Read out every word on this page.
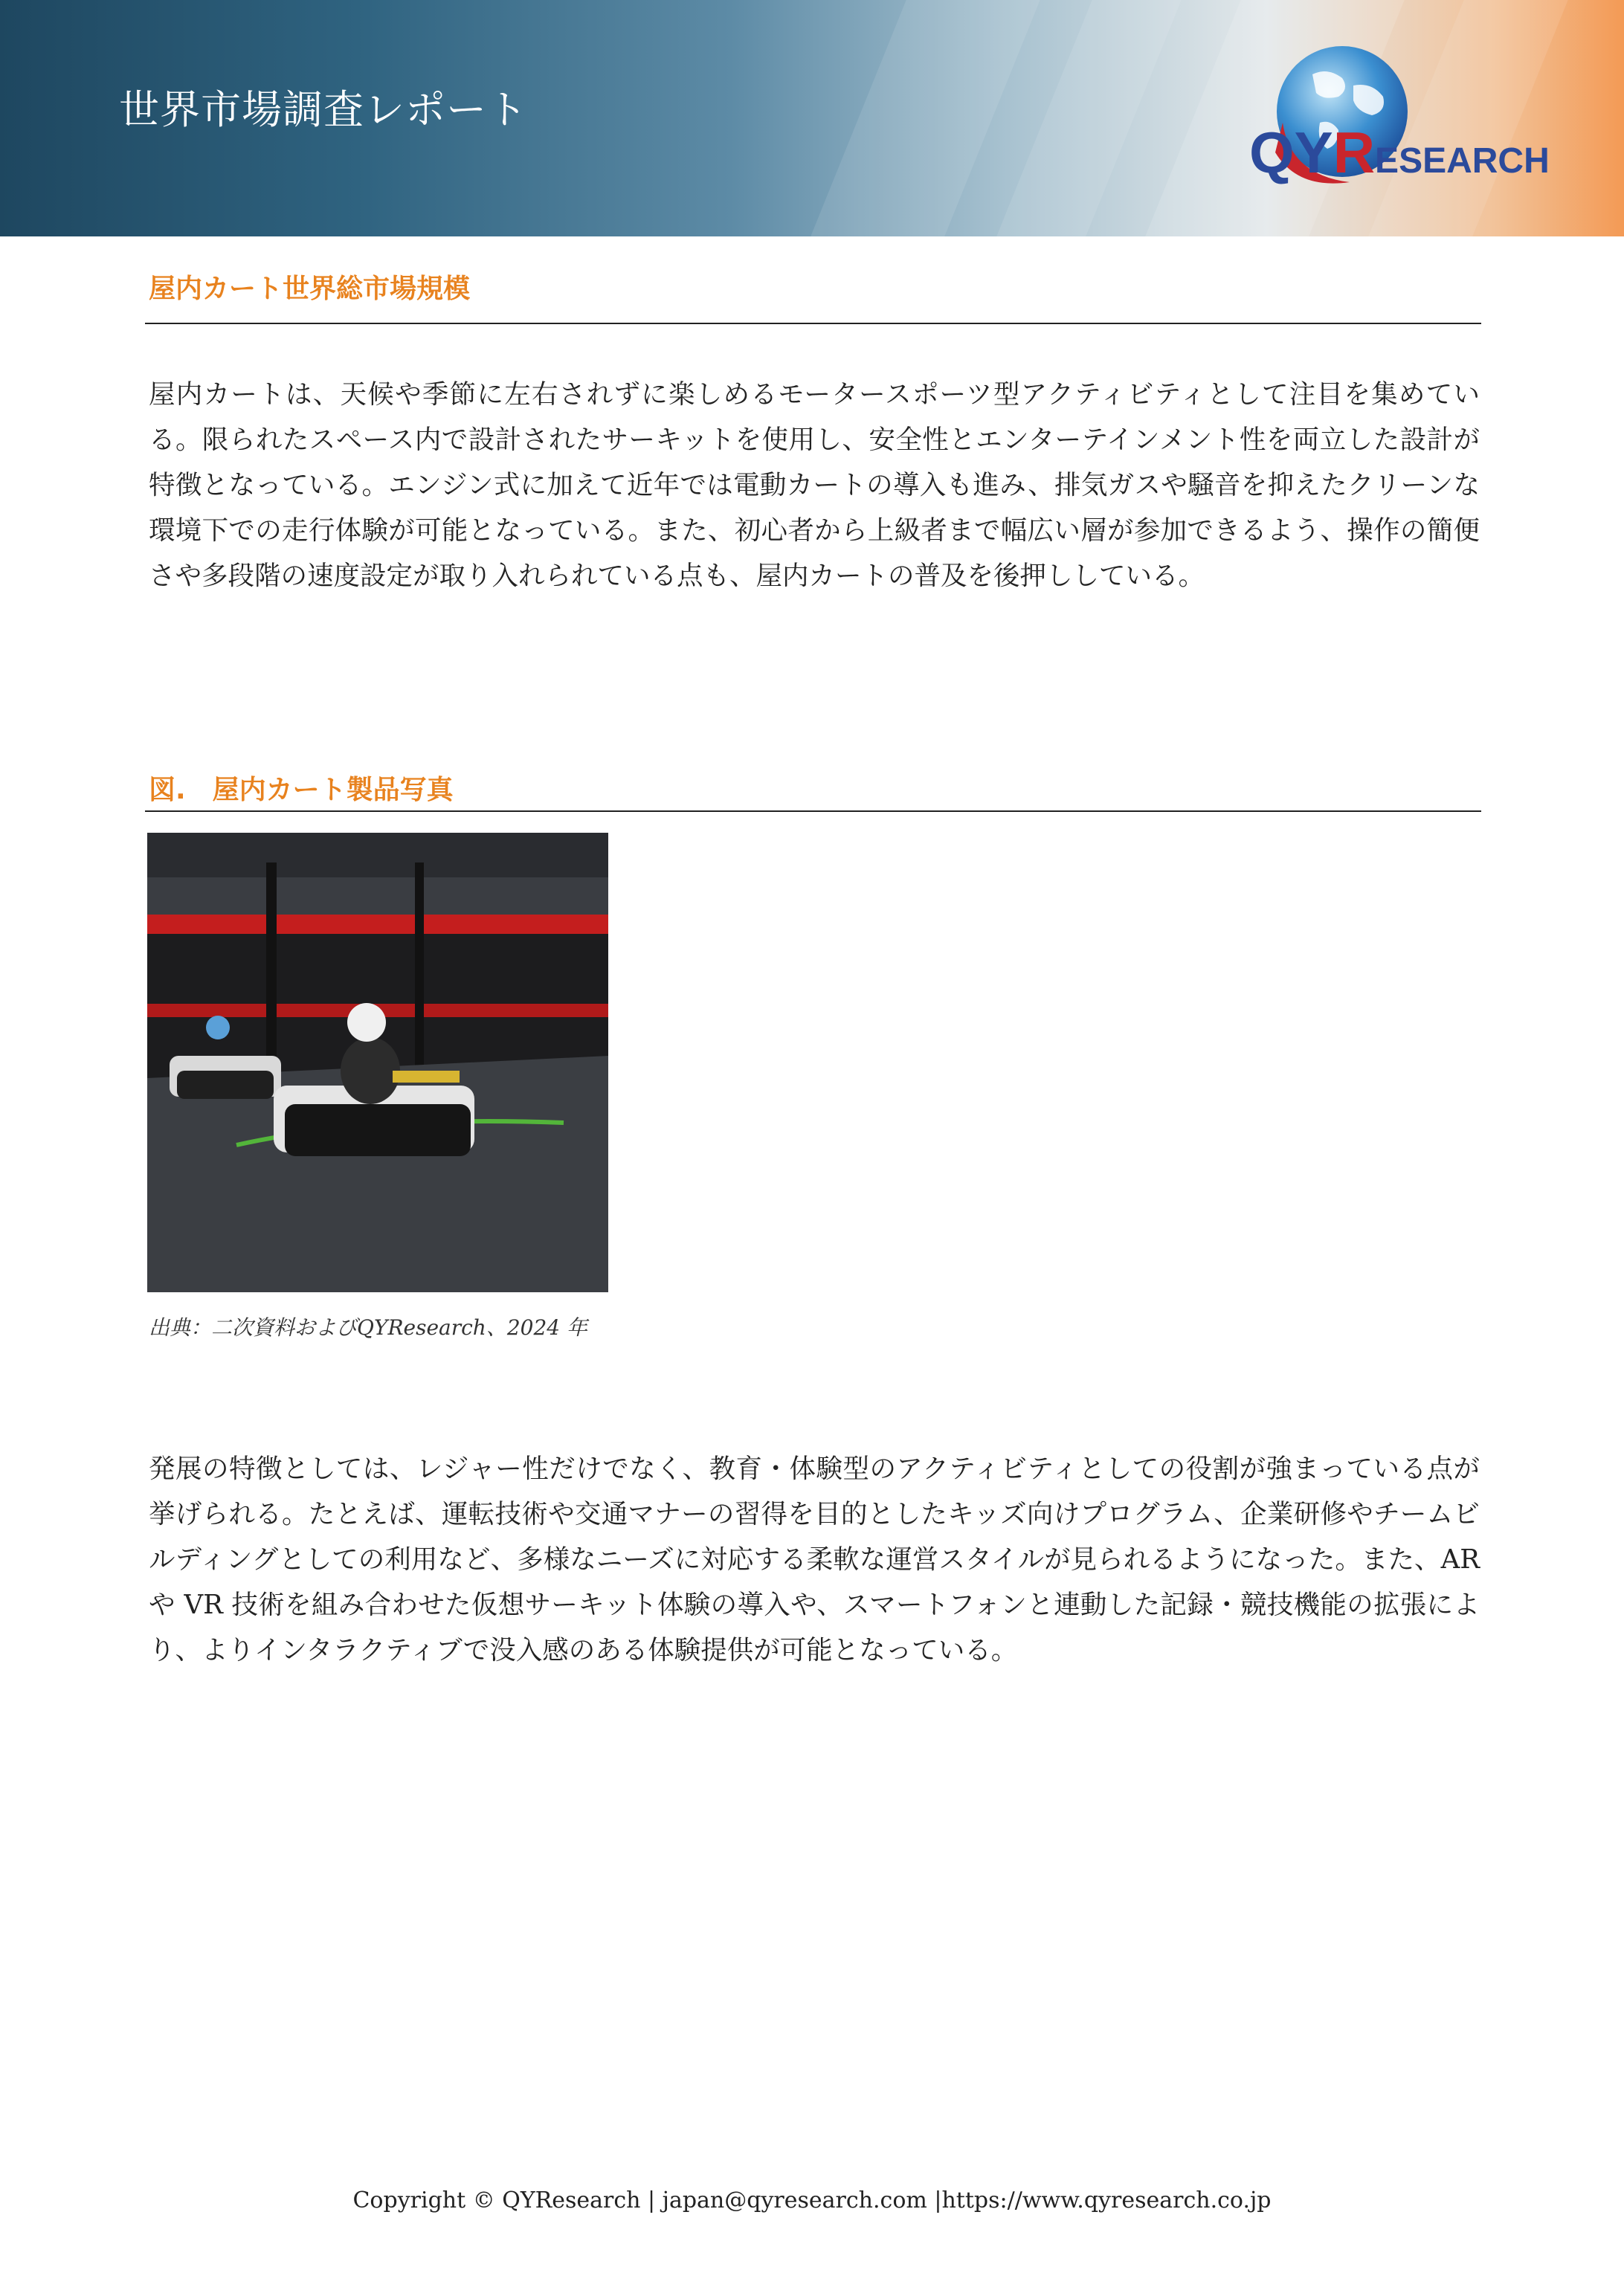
世界市場調査レポート
QYRESEARCH
屋内カート世界総市場規模

屋内カートは、天候や季節に左右されずに楽しめるモータースポーツ型アクティビティとして注目を集めている。限られたスペース内で設計されたサーキットを使用し、安全性とエンターテインメント性を両立した設計が特徴となっている。エンジン式に加えて近年では電動カートの導入も進み、排気ガスや騒音を抑えたクリーンな環境下での走行体験が可能となっている。また、初心者から上級者まで幅広い層が参加できるよう、操作の簡便さや多段階の速度設定が取り入れられている点も、屋内カートの普及を後押ししている。

図.　屋内カート製品写真
出典：二次資料およびQYResearch、2024 年

発展の特徴としては、レジャー性だけでなく、教育・体験型のアクティビティとしての役割が強まっている点が挙げられる。たとえば、運転技術や交通マナーの習得を目的としたキッズ向けプログラム、企業研修やチームビルディングとしての利用など、多様なニーズに対応する柔軟な運営スタイルが見られるようになった。また、AR や VR 技術を組み合わせた仮想サーキット体験の導入や、スマートフォンと連動した記録・競技機能の拡張により、よりインタラクティブで没入感のある体験提供が可能となっている。

Copyright © QYResearch | japan@qyresearch.com |https://www.qyresearch.co.jp
